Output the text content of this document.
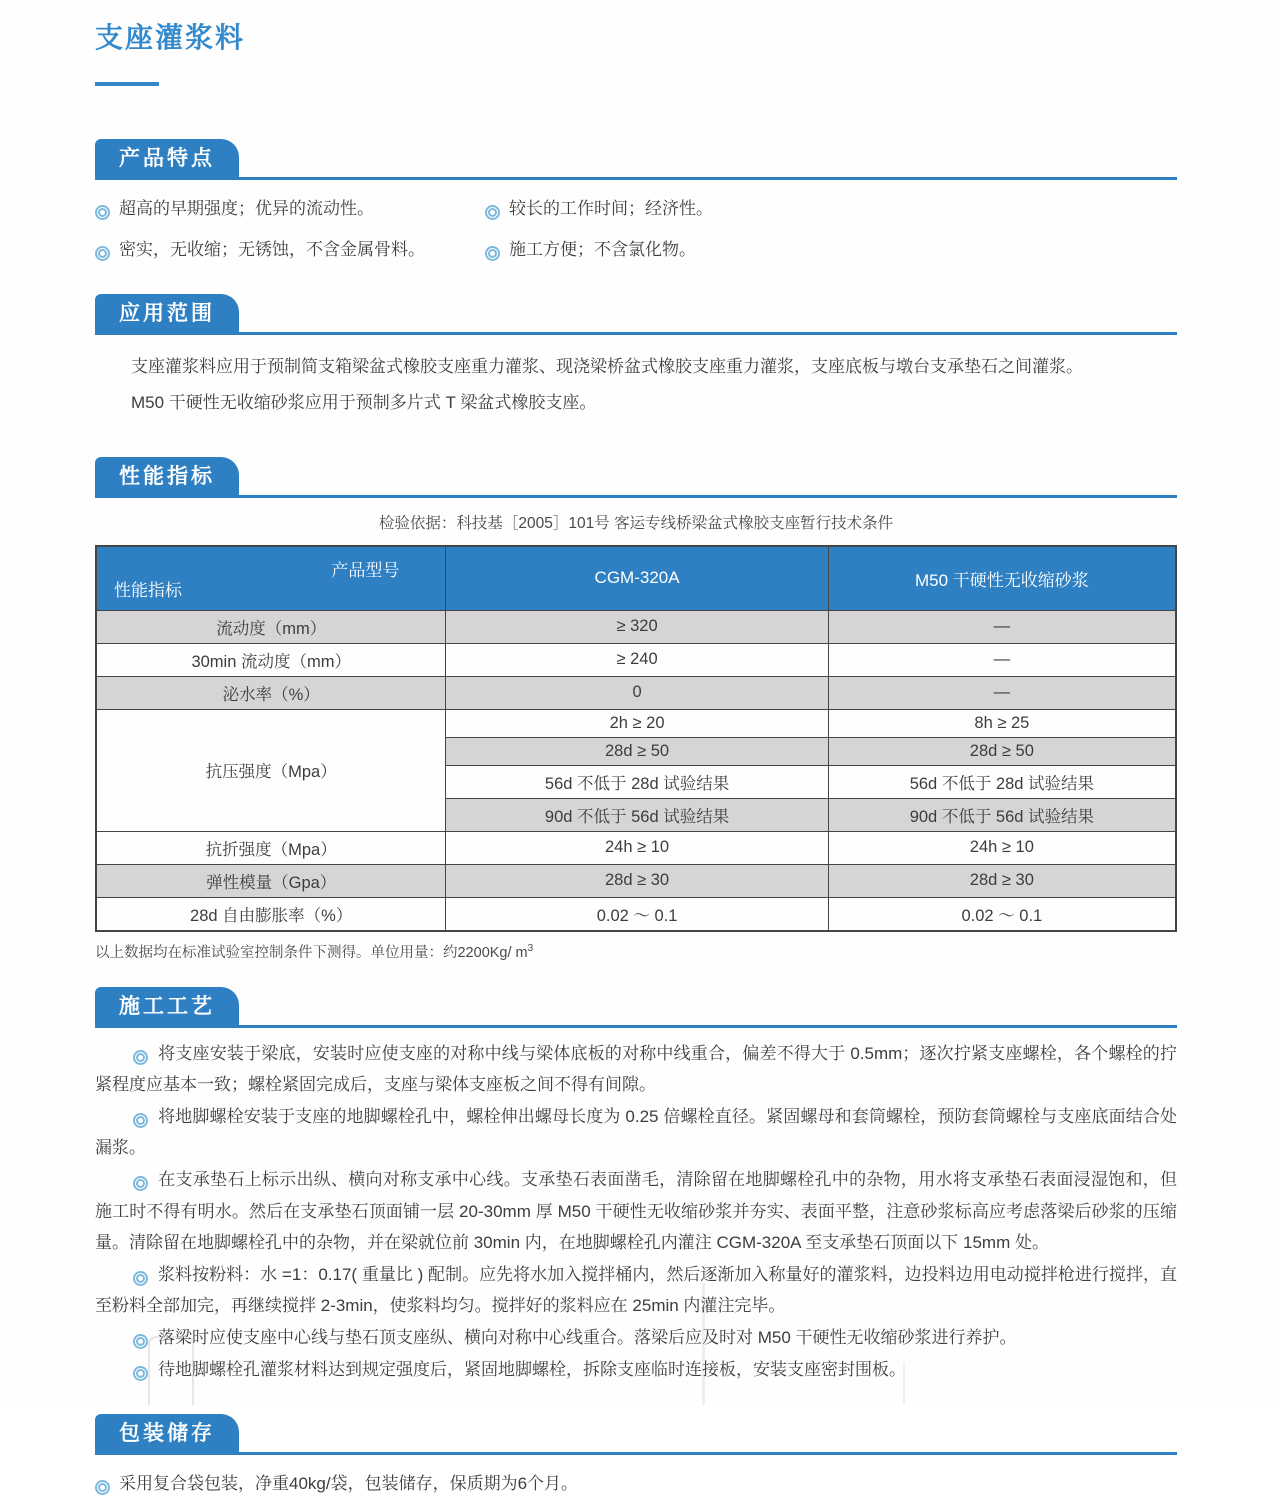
支座灌浆料
产品特点
超高的早期强度；优异的流动性。	较长的工作时间；经济性。
密实，无收缩；无锈蚀，不含金属骨料。	施工方便；不含氯化物。
应用范围
支座灌浆料应用于预制简支箱梁盆式橡胶支座重力灌浆、现浇梁桥盆式橡胶支座重力灌浆，支座底板与墩台支承垫石之间灌浆。
M50 干硬性无收缩砂浆应用于预制多片式 T 梁盆式橡胶支座。
性能指标
检验依据：科技基［2005］101号 客运专线桥梁盆式橡胶支座暂行技术条件
产品型号
性能指标	CGM-320A	M50 干硬性无收缩砂浆
流动度（mm）	≥ 320	—
30min 流动度（mm）	≥ 240	—
泌水率（%）	0	—
抗压强度（Mpa）	2h ≥ 20	8h ≥ 25
	28d ≥ 50	28d ≥ 50
	56d 不低于 28d 试验结果	56d 不低于 28d 试验结果
	90d 不低于 56d 试验结果	90d 不低于 56d 试验结果
抗折强度（Mpa）	24h ≥ 10	24h ≥ 10
弹性模量（Gpa）	28d ≥ 30	28d ≥ 30
28d 自由膨胀率（%）	0.02 ～ 0.1	0.02 ～ 0.1
以上数据均在标准试验室控制条件下测得。单位用量：约2200Kg/ $m^3$
施工工艺

将支座安装于梁底，安装时应使支座的对称中线与梁体底板的对称中线重合，偏差不得大于 0.5mm；逐次拧紧支座螺栓，各个螺栓的拧紧程度应基本一致；螺栓紧固完成后，支座与梁体支座板之间不得有间隙。

将地脚螺栓安装于支座的地脚螺栓孔中，螺栓伸出螺母长度为 0.25 倍螺栓直径。紧固螺母和套筒螺栓，预防套筒螺栓与支座底面结合处漏浆。

在支承垫石上标示出纵、横向对称支承中心线。支承垫石表面凿毛，清除留在地脚螺栓孔中的杂物，用水将支承垫石表面浸湿饱和，但施工时不得有明水。然后在支承垫石顶面铺一层 20-30mm 厚 M50 干硬性无收缩砂浆并夯实、表面平整，注意砂浆标高应考虑落梁后砂浆的压缩量。清除留在地脚螺栓孔中的杂物，并在梁就位前 30min 内，在地脚螺栓孔内灌注 CGM-320A 至支承垫石顶面以下 15mm 处。

浆料按粉料：水 =1：0.17( 重量比 ) 配制。应先将水加入搅拌桶内，然后逐渐加入称量好的灌浆料，边投料边用电动搅拌枪进行搅拌，直至粉料全部加完，再继续搅拌 2-3min，使浆料均匀。搅拌好的浆料应在 25min 内灌注完毕。

落梁时应使支座中心线与垫石顶支座纵、横向对称中心线重合。落梁后应及时对 M50 干硬性无收缩砂浆进行养护。

待地脚螺栓孔灌浆材料达到规定强度后，紧固地脚螺栓，拆除支座临时连接板，安装支座密封围板。

包装储存
采用复合袋包装，净重40kg/袋，包装储存，保质期为6个月。
